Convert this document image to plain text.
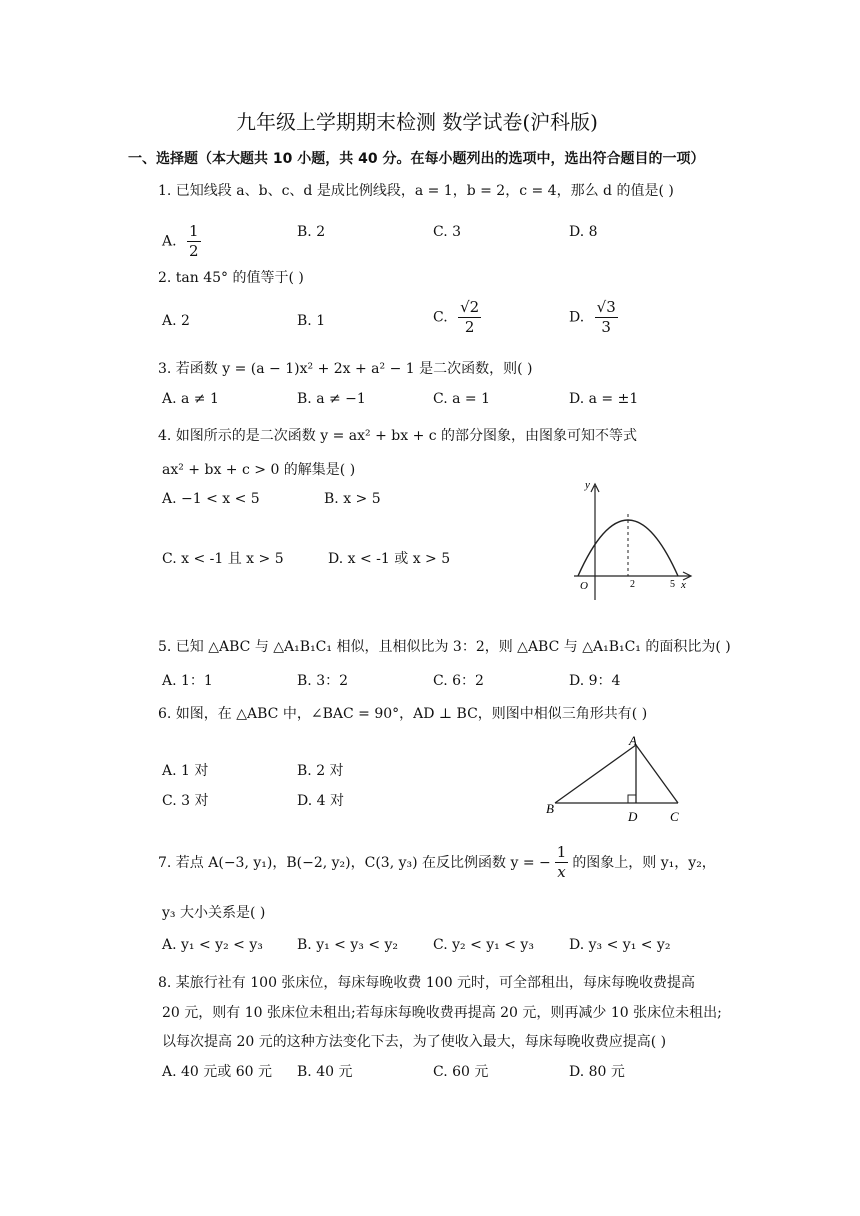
九年级上学期期末检测 数学试卷(沪科版)
一、选择题（本大题共 10 小题，共 40 分。在每小题列出的选项中，选出符合题目的一项）
1. 已知线段 a、b、c、d 是成比例线段，a = 1，b = 2，c = 4，那么 d 的值是( )
A. $\frac{1}{2}$	B. 2	C. 3	D. 8
2. tan 45° 的值等于( )
A. 2	B. 1	C. $\frac{√2}{2}$	D. $\frac{√3}{3}$
3. 若函数 y = (a − 1)x² + 2x + a² − 1 是二次函数，则( )
A. a ≠ 1	B. a ≠ −1	C. a = 1	D. a = ±1
4. 如图所示的是二次函数 y = ax² + bx + c 的部分图象，由图象可知不等式
ax² + bx + c > 0 的解集是( )
A. −1 < x < 5	B. x > 5
C. x < -1 且 x > 5	D. x < -1 或 x > 5
y
x
O	2	5
5. 已知 △ABC 与 △A₁B₁C₁ 相似，且相似比为 3：2，则 △ABC 与 △A₁B₁C₁ 的面积比为( )
A. 1：1	B. 3：2	C. 6：2	D. 9：4
6. 如图，在 △ABC 中，∠BAC = 90°，AD ⊥ BC，则图中相似三角形共有( )
A. 1 对	B. 2 对
C. 3 对	D. 4 对
A
B
C
D
7. 若点 A(−3, y₁)，B(−2, y₂)，C(3, y₃) 在反比例函数 y = − $\frac{1}{x}$ 的图象上，则 y₁，y₂，
y₃ 大小关系是( )
A. y₁ < y₂ < y₃ B. y₁ < y₃ < y₂ C. y₂ < y₁ < y₃	D. y₃ < y₁ < y₂
8. 某旅行社有 100 张床位，每床每晚收费 100 元时，可全部租出，每床每晚收费提高
20 元，则有 10 张床位未租出;若每床每晚收费再提高 20 元，则再减少 10 张床位未租出;
以每次提高 20 元的这种方法变化下去，为了使收入最大，每床每晚收费应提高( )
A. 40 元或 60 元 B. 40 元	C. 60 元	D. 80 元
